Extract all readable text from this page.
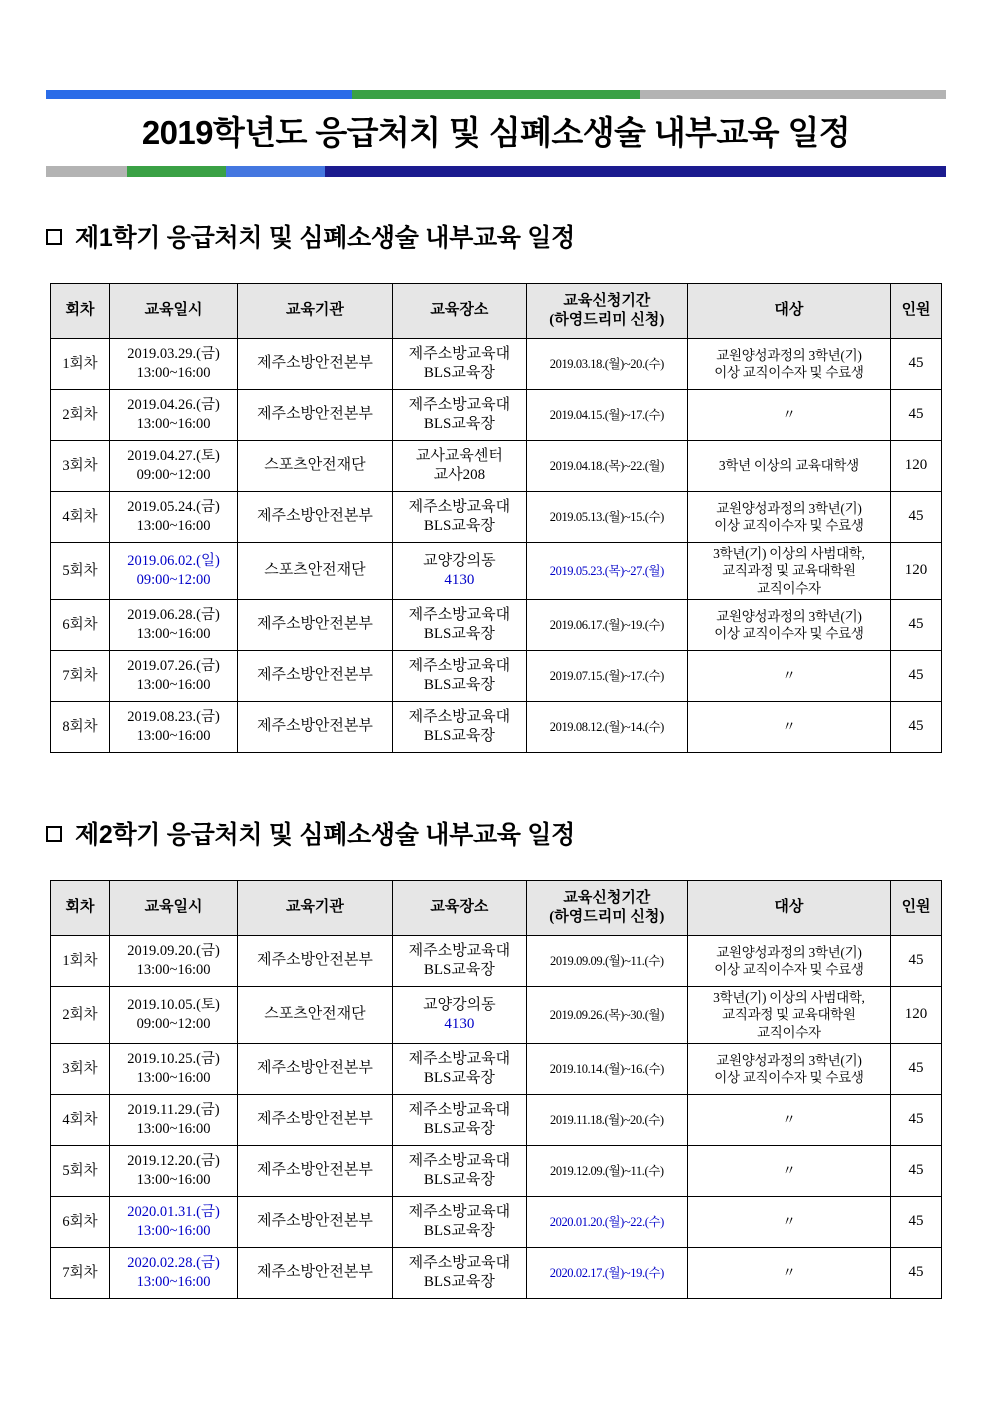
2019학년도 응급처치 및 심폐소생술 내부교육 일정
제1학기 응급처치 및 심폐소생술 내부교육 일정
회차	교육일시	교육기관	교육장소	교육신청기간
(하영드리미 신청)	대상	인원
1회차	2019.03.29.(금)
13:00~16:00	제주소방안전본부	제주소방교육대
BLS교육장	2019.03.18.(월)~20.(수)	교원양성과정의 3학년(기)
이상 교직이수자 및 수료생	45
2회차	2019.04.26.(금)
13:00~16:00	제주소방안전본부	제주소방교육대
BLS교육장	2019.04.15.(월)~17.(수)	〃	45
3회차	2019.04.27.(토)
09:00~12:00	스포츠안전재단	교사교육센터
교사208	2019.04.18.(목)~22.(월)	3학년 이상의 교육대학생	120
4회차	2019.05.24.(금)
13:00~16:00	제주소방안전본부	제주소방교육대
BLS교육장	2019.05.13.(월)~15.(수)	교원양성과정의 3학년(기)
이상 교직이수자 및 수료생	45
5회차	2019.06.02.(일)
09:00~12:00	스포츠안전재단	교양강의동
4130	2019.05.23.(목)~27.(월)	3학년(기) 이상의 사범대학,
교직과정 및 교육대학원
교직이수자	120
6회차	2019.06.28.(금)
13:00~16:00	제주소방안전본부	제주소방교육대
BLS교육장	2019.06.17.(월)~19.(수)	교원양성과정의 3학년(기)
이상 교직이수자 및 수료생	45
7회차	2019.07.26.(금)
13:00~16:00	제주소방안전본부	제주소방교육대
BLS교육장	2019.07.15.(월)~17.(수)	〃	45
8회차	2019.08.23.(금)
13:00~16:00	제주소방안전본부	제주소방교육대
BLS교육장	2019.08.12.(월)~14.(수)	〃	45
제2학기 응급처치 및 심폐소생술 내부교육 일정
회차	교육일시	교육기관	교육장소	교육신청기간
(하영드리미 신청)	대상	인원
1회차	2019.09.20.(금)
13:00~16:00	제주소방안전본부	제주소방교육대
BLS교육장	2019.09.09.(월)~11.(수)	교원양성과정의 3학년(기)
이상 교직이수자 및 수료생	45
2회차	2019.10.05.(토)
09:00~12:00	스포츠안전재단	교양강의동
4130	2019.09.26.(목)~30.(월)	3학년(기) 이상의 사범대학,
교직과정 및 교육대학원
교직이수자	120
3회차	2019.10.25.(금)
13:00~16:00	제주소방안전본부	제주소방교육대
BLS교육장	2019.10.14.(월)~16.(수)	교원양성과정의 3학년(기)
이상 교직이수자 및 수료생	45
4회차	2019.11.29.(금)
13:00~16:00	제주소방안전본부	제주소방교육대
BLS교육장	2019.11.18.(월)~20.(수)	〃	45
5회차	2019.12.20.(금)
13:00~16:00	제주소방안전본부	제주소방교육대
BLS교육장	2019.12.09.(월)~11.(수)	〃	45
6회차	2020.01.31.(금)
13:00~16:00	제주소방안전본부	제주소방교육대
BLS교육장	2020.01.20.(월)~22.(수)	〃	45
7회차	2020.02.28.(금)
13:00~16:00	제주소방안전본부	제주소방교육대
BLS교육장	2020.02.17.(월)~19.(수)	〃	45
